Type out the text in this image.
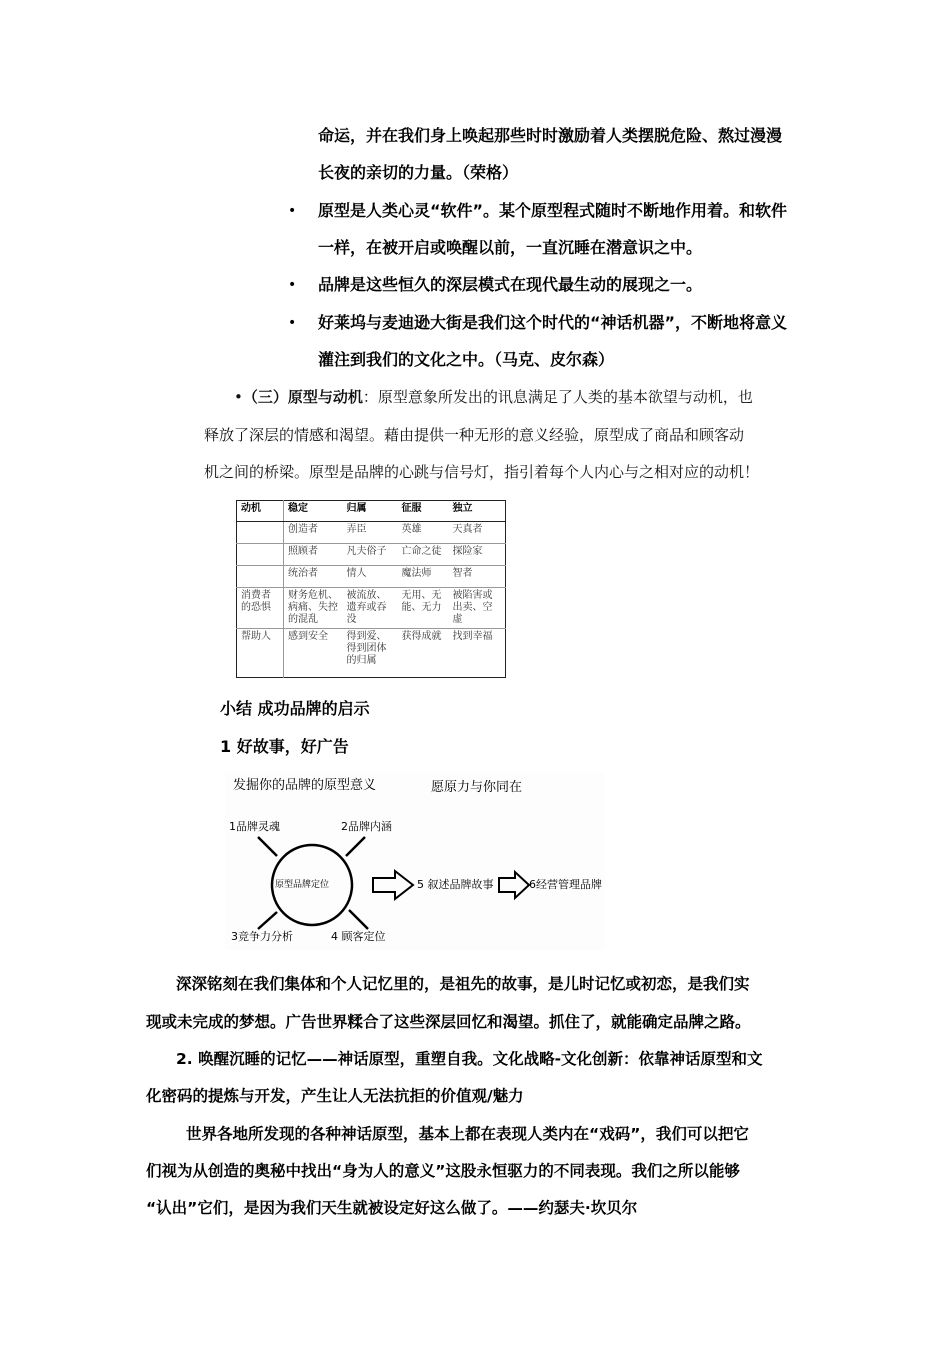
命运，并在我们身上唤起那些时时激励着人类摆脱危险、熬过漫漫
长夜的亲切的力量。（荣格）
• 原型是人类心灵“软件”。某个原型程式随时不断地作用着。和软件
一样，在被开启或唤醒以前，一直沉睡在潜意识之中。
• 品牌是这些恒久的深层模式在现代最生动的展现之一。
• 好莱坞与麦迪逊大街是我们这个时代的“神话机器”，不断地将意义
灌注到我们的文化之中。（马克、皮尔森）
•（三）原型与动机：原型意象所发出的讯息满足了人类的基本欲望与动机，也
释放了深层的情感和渴望。藉由提供一种无形的意义经验，原型成了商品和顾客动
机之间的桥梁。原型是品牌的心跳与信号灯，指引着每个人内心与之相对应的动机！
动机	稳定	归属	征服	独立
	创造者	弄臣	英雄	天真者
	照顾者	凡夫俗子	亡命之徒	探险家
	统治者	情人	魔法师	智者
消费者的恐惧	财务危机、病痛、失控的混乱	被流放、遗弃或吞没	无用、无能、无力	被陷害或出卖、空虚
帮助人	感到安全	得到爱、得到团体的归属	获得成就	找到幸福
小结 成功品牌的启示
1 好故事，好广告
发掘你的品牌的原型意义	愿原力与你同在
1品牌灵魂	2品牌内涵
原型品牌定位	5 叙述品牌故事	6经营管理品牌
3竞争力分析	4 顾客定位
深深铭刻在我们集体和个人记忆里的，是祖先的故事，是儿时记忆或初恋，是我们实
现或未完成的梦想。广告世界糅合了这些深层回忆和渴望。抓住了，就能确定品牌之路。
2. 唤醒沉睡的记忆——神话原型，重塑自我。文化战略-文化创新：依靠神话原型和文
化密码的提炼与开发，产生让人无法抗拒的价值观/魅力
世界各地所发现的各种神话原型，基本上都在表现人类内在“戏码”，我们可以把它
们视为从创造的奥秘中找出“身为人的意义”这股永恒驱力的不同表现。我们之所以能够
“认出”它们，是因为我们天生就被设定好这么做了。——约瑟夫·坎贝尔
